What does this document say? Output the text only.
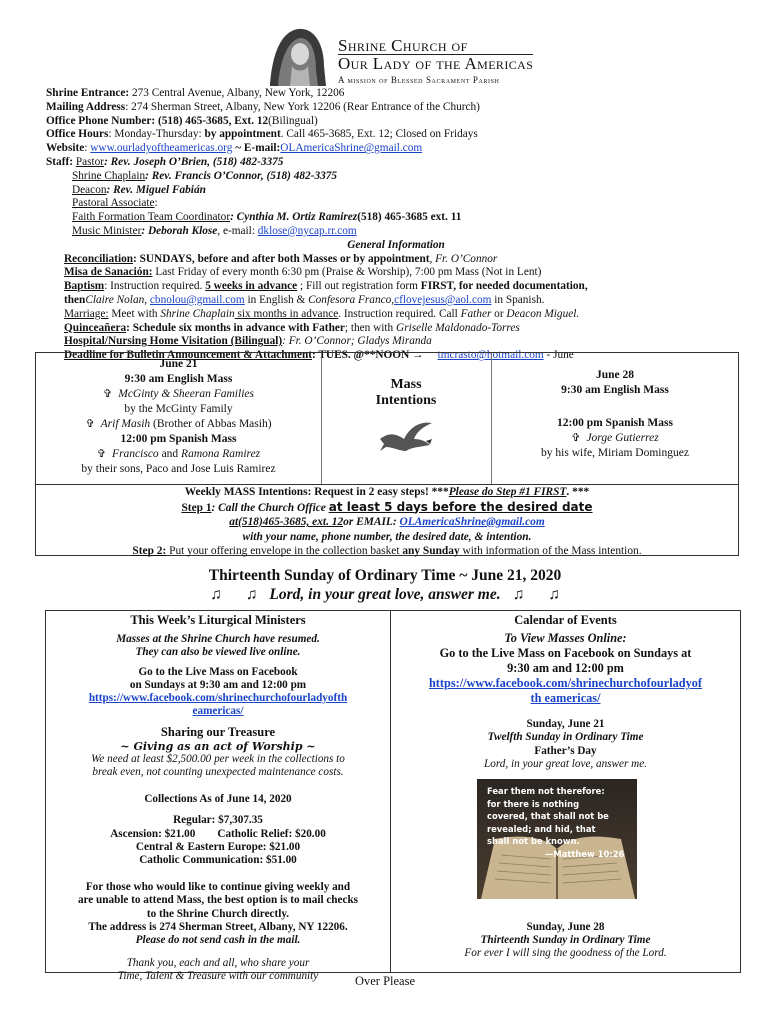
Shrine Church of
Our Lady of the Americas
A mission of Blessed Sacrament Parish
Shrine Entrance: 273 Central Avenue, Albany, New York, 12206
Mailing Address: 274 Sherman Street, Albany, New York 12206 (Rear Entrance of the Church)
Office Phone Number: (518) 465-3685, Ext. 12(Bilingual)
Office Hours: Monday-Thursday: by appointment. Call 465-3685, Ext. 12; Closed on Fridays
Website: www.ourladyoftheamericas.org ~ E-mail:OLAmericaShrine@gmail.com
Staff: Pastor: Rev. Joseph O’Brien, (518) 482-3375
Shrine Chaplain: Rev. Francis O’Connor, (518) 482-3375
Deacon: Rev. Miguel Fabián
Pastoral Associate:
Faith Formation Team Coordinator: Cynthia M. Ortiz Ramirez(518) 465-3685 ext. 11
Music Minister: Deborah Klose, e-mail: dklose@nycap.rr.com
General Information
Reconciliation: SUNDAYS, before and after both Masses or by appointment, Fr. O’Connor
Misa de Sanación: Last Friday of every month 6:30 pm (Praise & Worship), 7:00 pm Mass (Not in Lent)
Baptism: Instruction required. 5 weeks in advance ; Fill out registration form FIRST, for needed documentation,
thenClaire Nolan, cbnolou@gmail.com in English & Confesora Franco,cflovejesus@aol.com in Spanish.
Marriage: Meet with Shrine Chaplain six months in advance. Instruction required. Call Father or Deacon Miguel.
Quinceañera: Schedule six months in advance with Father; then with Griselle Maldonado-Torres
Hospital/Nursing Home Visitation (Bilingual): Fr. O’Connor; Gladys Miranda
Deadline for Bulletin Announcement & Attachment: TUES. @**NOON → tmcrasto@hotmail.com - June
June 21
9:30 am English Mass
✞ McGinty & Sheeran Families
by the McGinty Family
✞ Arif Masih (Brother of Abbas Masih)
12:00 pm Spanish Mass
✞ Francisco and Ramona Ramirez
by their sons, Paco and Jose Luis Ramirez
Mass
Intentions
June 28
9:30 am English Mass
12:00 pm Spanish Mass
✞ Jorge Gutierrez
by his wife, Miriam Dominguez
Weekly MASS Intentions: Request in 2 easy steps! ***Please do Step #1 FIRST. ***
Step 1: Call the Church Office at least 5 days before the desired date
at(518)465-3685, ext. 12or EMAIL: OLAmericaShrine@gmail.com
with your name, phone number, the desired date, & intention.
Step 2: Put your offering envelope in the collection basket any Sunday with information of the Mass intention.
Thirteenth Sunday of Ordinary Time ~ June 21, 2020
♫ ♫ Lord, in your great love, answer me. ♫ ♫
This Week’s Liturgical Ministers
Masses at the Shrine Church have resumed.
They can also be viewed live online.
Go to the Live Mass on Facebook
on Sundays at 9:30 am and 12:00 pm
https://www.facebook.com/shrinechurchofourladyofth
eamericas/
Sharing our Treasure
~ Giving as an act of Worship ~
We need at least $2,500.00 per week in the collections to
break even, not counting unexpected maintenance costs.
Collections As of June 14, 2020
Regular: $7,307.35
Ascension: $21.00 Catholic Relief: $20.00
Central & Eastern Europe: $21.00
Catholic Communication: $51.00
For those who would like to continue giving weekly and
are unable to attend Mass, the best option is to mail checks
to the Shrine Church directly.
The address is 274 Sherman Street, Albany, NY 12206.
Please do not send cash in the mail.
Thank you, each and all, who share your
Time, Talent & Treasure with our community
Calendar of Events
To View Masses Online:
Go to the Live Mass on Facebook on Sundays at
9:30 am and 12:00 pm
https://www.facebook.com/shrinechurchofourladyof
th eamericas/
Sunday, June 21
Twelfth Sunday in Ordinary Time
Father’s Day
Lord, in your great love, answer me.
Sunday, June 28
Thirteenth Sunday in Ordinary Time
For ever I will sing the goodness of the Lord.
Fear them not therefore:
for there is nothing
covered, that shall not be
revealed; and hid, that
shall not be known.
—Matthew 10:26
Over Please
